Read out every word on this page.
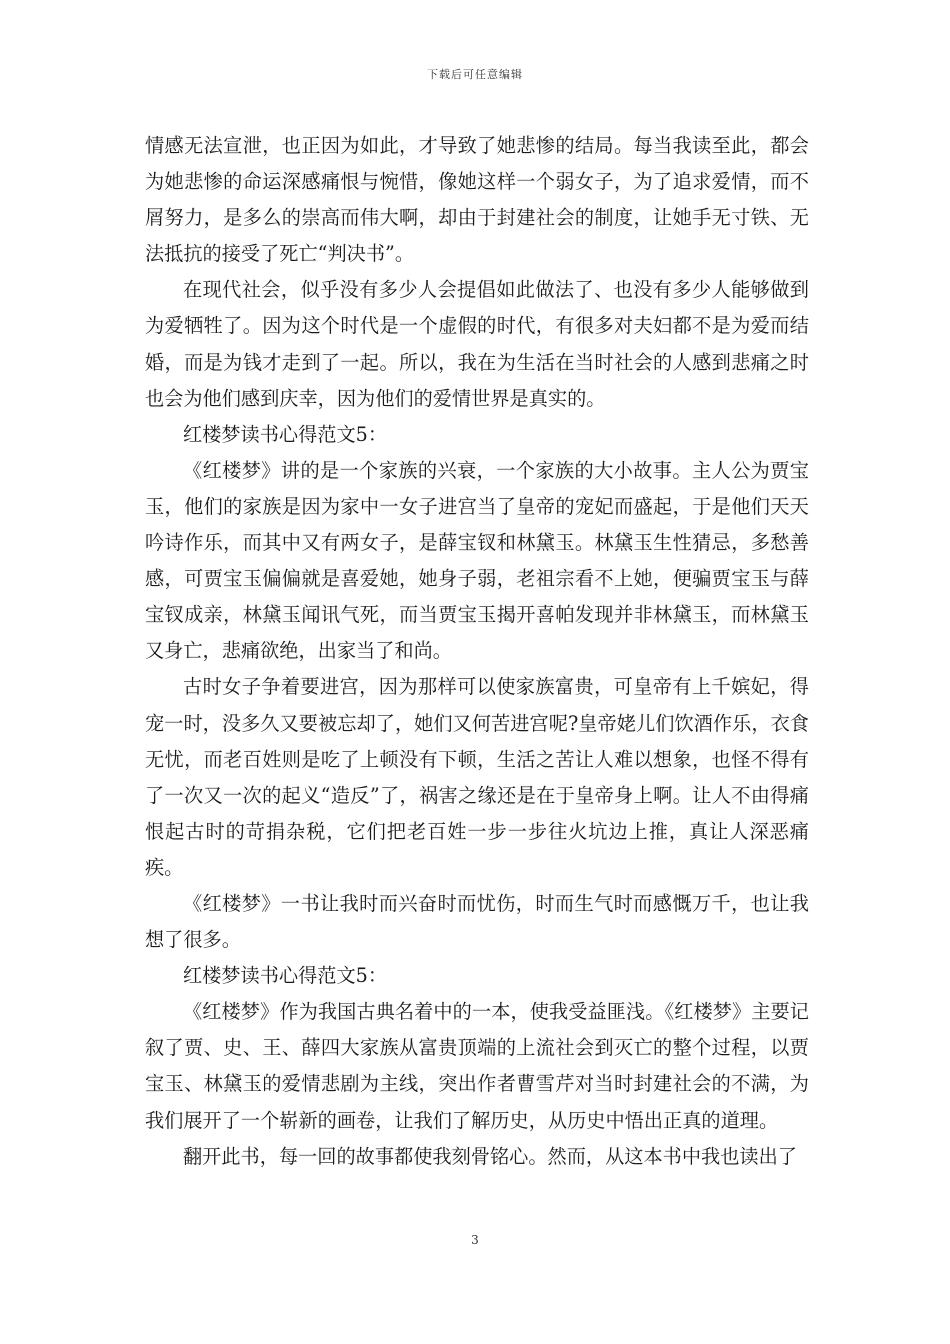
下载后可任意编辑

情感无法宣泄，也正因为如此，才导致了她悲惨的结局。每当我读至此，都会为她悲惨的命运深感痛恨与惋惜，像她这样一个弱女子，为了追求爱情，而不屑努力，是多么的崇高而伟大啊，却由于封建社会的制度，让她手无寸铁、无法抵抗的接受了死亡“判决书”。

在现代社会，似乎没有多少人会提倡如此做法了、也没有多少人能够做到为爱牺牲了。因为这个时代是一个虚假的时代，有很多对夫妇都不是为爱而结婚，而是为钱才走到了一起。所以，我在为生活在当时社会的人感到悲痛之时也会为他们感到庆幸，因为他们的爱情世界是真实的。

红楼梦读书心得范文5：

《红楼梦》讲的是一个家族的兴衰，一个家族的大小故事。主人公为贾宝玉，他们的家族是因为家中一女子进宫当了皇帝的宠妃而盛起，于是他们天天吟诗作乐，而其中又有两女子，是薛宝钗和林黛玉。林黛玉生性猜忌，多愁善感，可贾宝玉偏偏就是喜爱她，她身子弱，老祖宗看不上她，便骗贾宝玉与薛宝钗成亲，林黛玉闻讯气死，而当贾宝玉揭开喜帕发现并非林黛玉，而林黛玉又身亡，悲痛欲绝，出家当了和尚。

古时女子争着要进宫，因为那样可以使家族富贵，可皇帝有上千嫔妃，得宠一时，没多久又要被忘却了，她们又何苦进宫呢?皇帝姥儿们饮酒作乐，衣食无忧，而老百姓则是吃了上顿没有下顿，生活之苦让人难以想象，也怪不得有了一次又一次的起义“造反”了，祸害之缘还是在于皇帝身上啊。让人不由得痛恨起古时的苛捐杂税，它们把老百姓一步一步往火坑边上推，真让人深恶痛疾。

《红楼梦》一书让我时而兴奋时而忧伤，时而生气时而感慨万千，也让我想了很多。

红楼梦读书心得范文5：

《红楼梦》作为我国古典名着中的一本，使我受益匪浅。《红楼梦》主要记叙了贾、史、王、薛四大家族从富贵顶端的上流社会到灭亡的整个过程，以贾宝玉、林黛玉的爱情悲剧为主线，突出作者曹雪芹对当时封建社会的不满，为我们展开了一个崭新的画卷，让我们了解历史，从历史中悟出正真的道理。

翻开此书，每一回的故事都使我刻骨铭心。然而，从这本书中我也读出了

3
